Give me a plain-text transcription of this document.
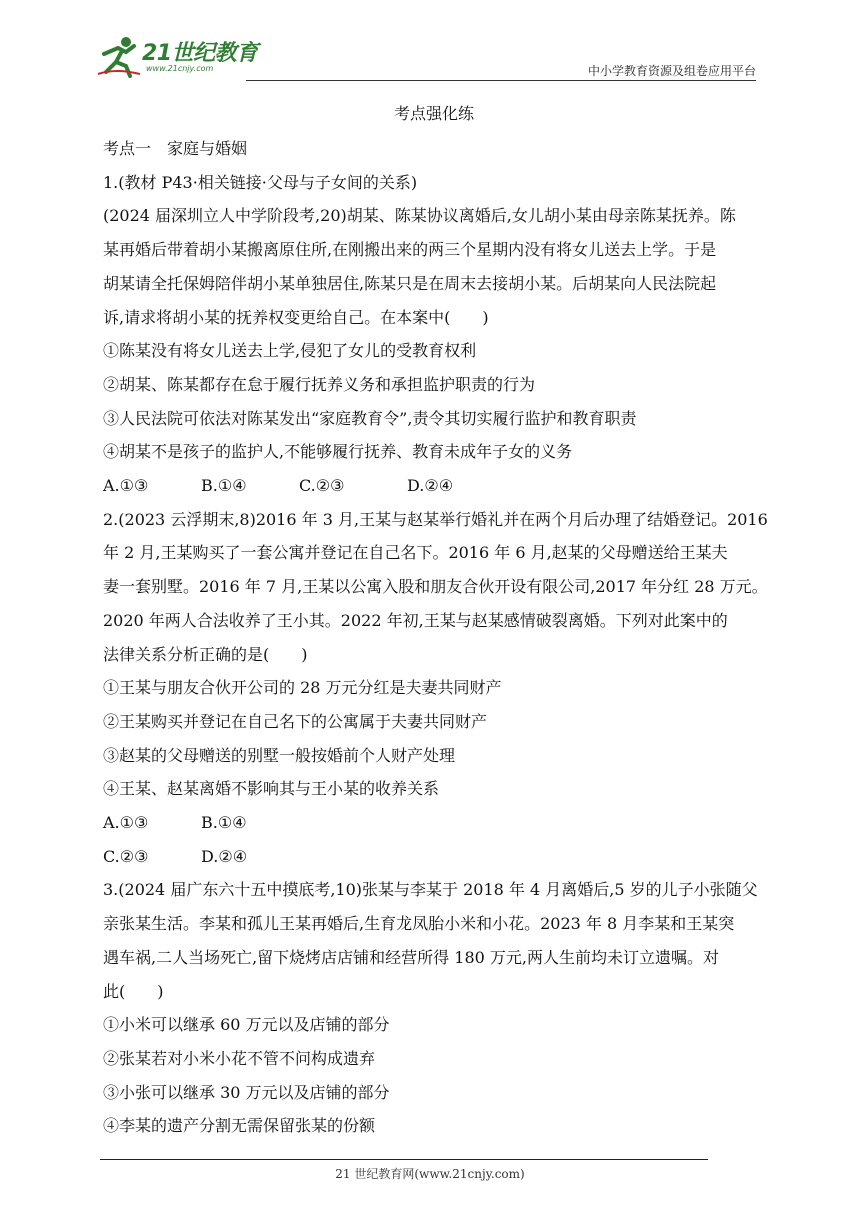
21世纪教育
www.21cnjy.com	中小学教育资源及组卷应用平台

考点强化练

考点一　家庭与婚姻

1.(教材 P43·相关链接·父母与子女间的关系)

(2024 届深圳立人中学阶段考,20)胡某、陈某协议离婚后,女儿胡小某由母亲陈某抚养。陈

某再婚后带着胡小某搬离原住所,在刚搬出来的两三个星期内没有将女儿送去上学。于是

胡某请全托保姆陪伴胡小某单独居住,陈某只是在周末去接胡小某。后胡某向人民法院起

诉,请求将胡小某的抚养权变更给自己。在本案中(　　)

①陈某没有将女儿送去上学,侵犯了女儿的受教育权利

②胡某、陈某都存在怠于履行抚养义务和承担监护职责的行为

③人民法院可依法对陈某发出“家庭教育令”,责令其切实履行监护和教育职责

④胡某不是孩子的监护人,不能够履行抚养、教育未成年子女的义务

A.①③	B.①④	C.②③	D.②④

2.(2023 云浮期末,8)2016 年 3 月,王某与赵某举行婚礼并在两个月后办理了结婚登记。2016

年 2 月,王某购买了一套公寓并登记在自己名下。2016 年 6 月,赵某的父母赠送给王某夫

妻一套别墅。2016 年 7 月,王某以公寓入股和朋友合伙开设有限公司,2017 年分红 28 万元。

2020 年两人合法收养了王小其。2022 年初,王某与赵某感情破裂离婚。下列对此案中的

法律关系分析正确的是(　　)

①王某与朋友合伙开公司的 28 万元分红是夫妻共同财产

②王某购买并登记在自己名下的公寓属于夫妻共同财产

③赵某的父母赠送的别墅一般按婚前个人财产处理

④王某、赵某离婚不影响其与王小某的收养关系

A.①③	B.①④

C.②③	D.②④

3.(2024 届广东六十五中摸底考,10)张某与李某于 2018 年 4 月离婚后,5 岁的儿子小张随父

亲张某生活。李某和孤儿王某再婚后,生育龙凤胎小米和小花。2023 年 8 月李某和王某突

遇车祸,二人当场死亡,留下烧烤店店铺和经营所得 180 万元,两人生前均未订立遗嘱。对

此(　　)

①小米可以继承 60 万元以及店铺的部分

②张某若对小米小花不管不问构成遗弃

③小张可以继承 30 万元以及店铺的部分

④李某的遗产分割无需保留张某的份额

21 世纪教育网(www.21cnjy.com)
